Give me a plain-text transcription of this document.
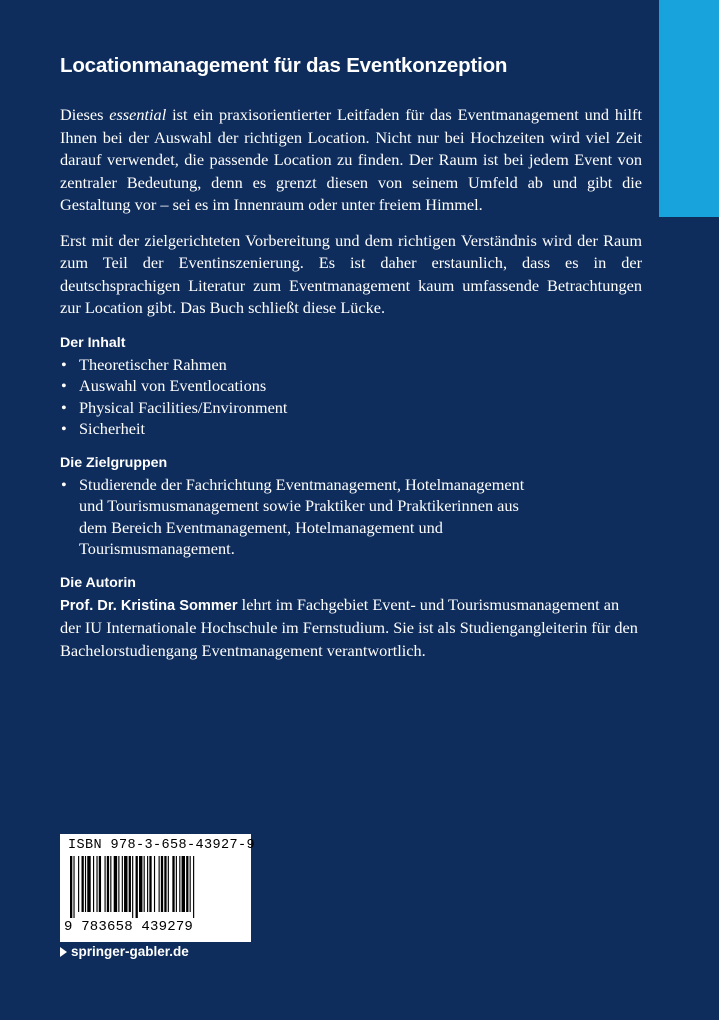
Locationmanagement für das Eventkonzeption

Dieses essential ist ein praxisorientierter Leitfaden für das Eventmanagement und hilft Ihnen bei der Auswahl der richtigen Location. Nicht nur bei Hochzeiten wird viel Zeit darauf verwendet, die passende Location zu finden. Der Raum ist bei jedem Event von zentraler Bedeutung, denn es grenzt diesen von seinem Umfeld ab und gibt die Gestaltung vor – sei es im Innenraum oder unter freiem Himmel.

Erst mit der zielgerichteten Vorbereitung und dem richtigen Verständnis wird der Raum zum Teil der Eventinszenierung. Es ist daher erstaunlich, dass es in der deutschsprachigen Literatur zum Eventmanagement kaum umfassende Betrachtungen zur Location gibt. Das Buch schließt diese Lücke.

Der Inhalt
• Theoretischer Rahmen
• Auswahl von Eventlocations
• Physical Facilities/Environment
• Sicherheit
Die Zielgruppen
• Studierende der Fachrichtung Eventmanagement, Hotelmanagement und Tourismusmanagement sowie Praktiker und Praktikerinnen aus dem Bereich Eventmanagement, Hotelmanagement und Tourismusmanagement.
Die Autorin

Prof. Dr. Kristina Sommer lehrt im Fachgebiet Event- und Tourismusmanagement an der IU Internationale Hochschule im Fernstudium. Sie ist als Studiengangleiterin für den Bachelorstudiengang Eventmanagement verantwortlich.

ISBN 978-3-658-43927-9
9 783658 439279
springer-gabler.de
